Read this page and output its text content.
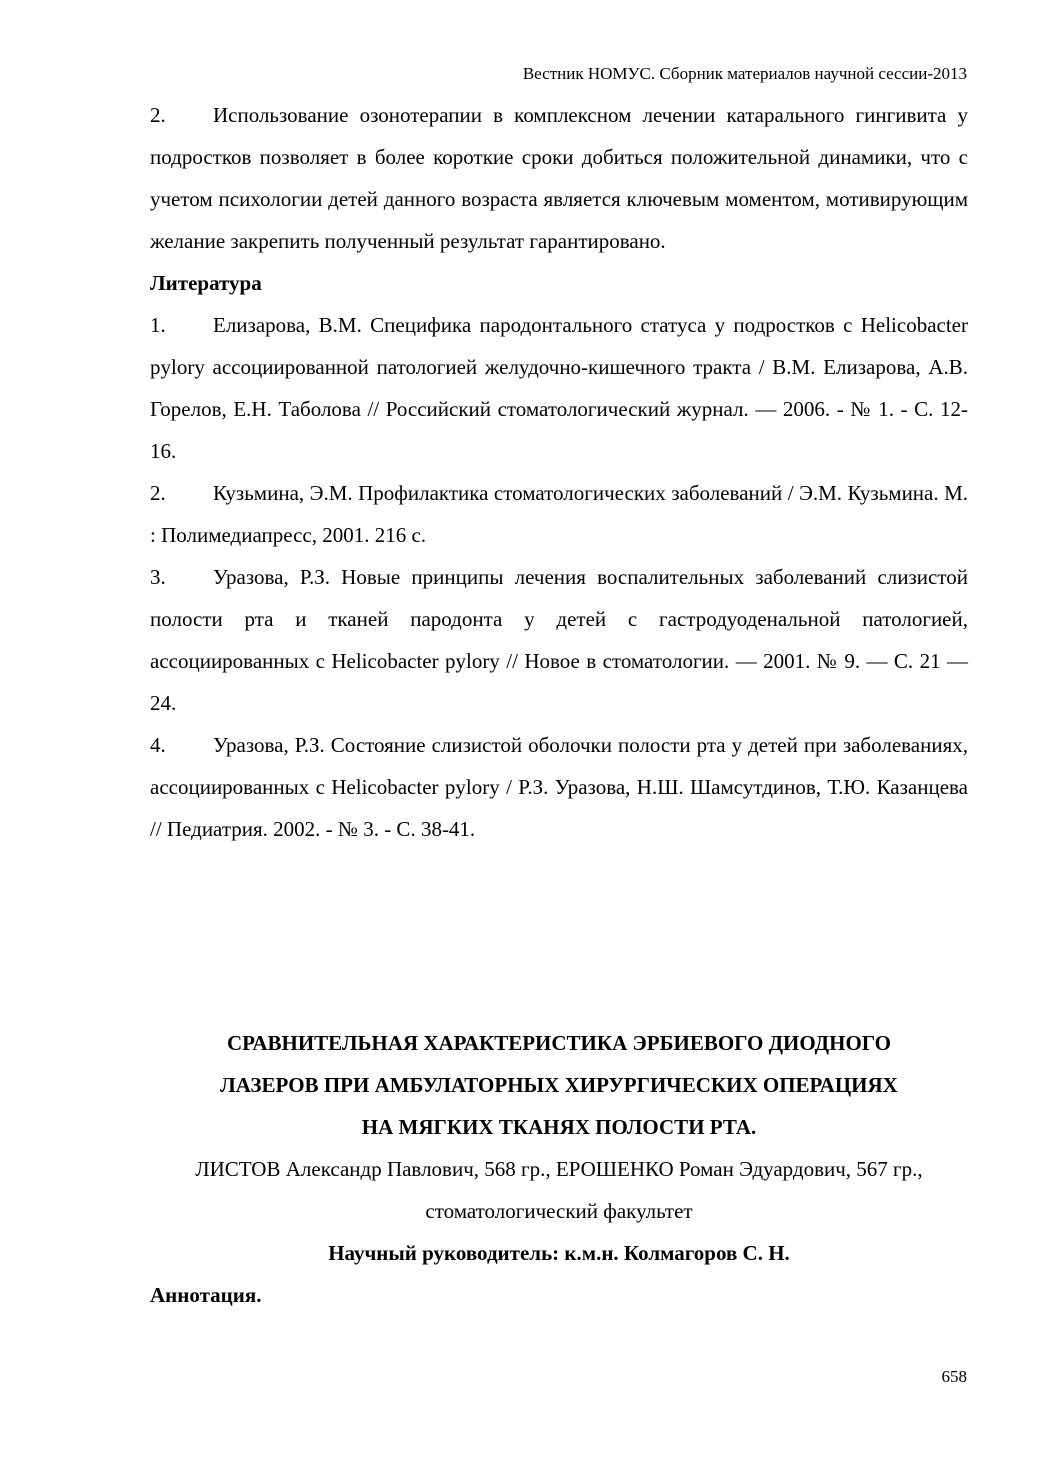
Вестник НОМУС. Сборник материалов научной сессии-2013

2. Использование озонотерапии в комплексном лечении катарального гингивита у подростков позволяет в более короткие сроки добиться положительной динамики, что с учетом психологии детей данного возраста является ключевым моментом, мотивирующим желание закрепить полученный результат гарантировано.

Литература

1. Елизарова, В.М. Специфика пародонтального статуса у подростков с Helicobacter pylory ассоциированной патологией желудочно-кишечного тракта / В.М. Елизарова, А.В. Горелов, Е.Н. Таболова // Российский стоматологический журнал. — 2006. - № 1. - С. 12- 16.

2. Кузьмина, Э.М. Профилактика стоматологических заболеваний / Э.М. Кузьмина. М. : Полимедиапресс, 2001. 216 с.

3. Уразова, Р.З. Новые принципы лечения воспалительных заболеваний слизистой полости рта и тканей пародонта у детей с гастродуоденальной патологией, ассоциированных с Helicobacter pylory // Новое в стоматологии. — 2001. № 9. — С. 21 — 24.

4. Уразова, Р.З. Состояние слизистой оболочки полости рта у детей при заболеваниях, ассоциированных с Helicobacter pylory / Р.З. Уразова, Н.Ш. Шамсутдинов, Т.Ю. Казанцева // Педиатрия. 2002. - № 3. - С. 38-41.

СРАВНИТЕЛЬНАЯ ХАРАКТЕРИСТИКА ЭРБИЕВОГО ДИОДНОГО
ЛАЗЕРОВ ПРИ АМБУЛАТОРНЫХ ХИРУРГИЧЕСКИХ ОПЕРАЦИЯХ
НА МЯГКИХ ТКАНЯХ ПОЛОСТИ РТА.

ЛИСТОВ Александр Павлович, 568 гр., ЕРОШЕНКО Роман Эдуардович, 567 гр., стоматологический факультет

Научный руководитель: к.м.н. Колмагоров С. Н.

Аннотация.

658
